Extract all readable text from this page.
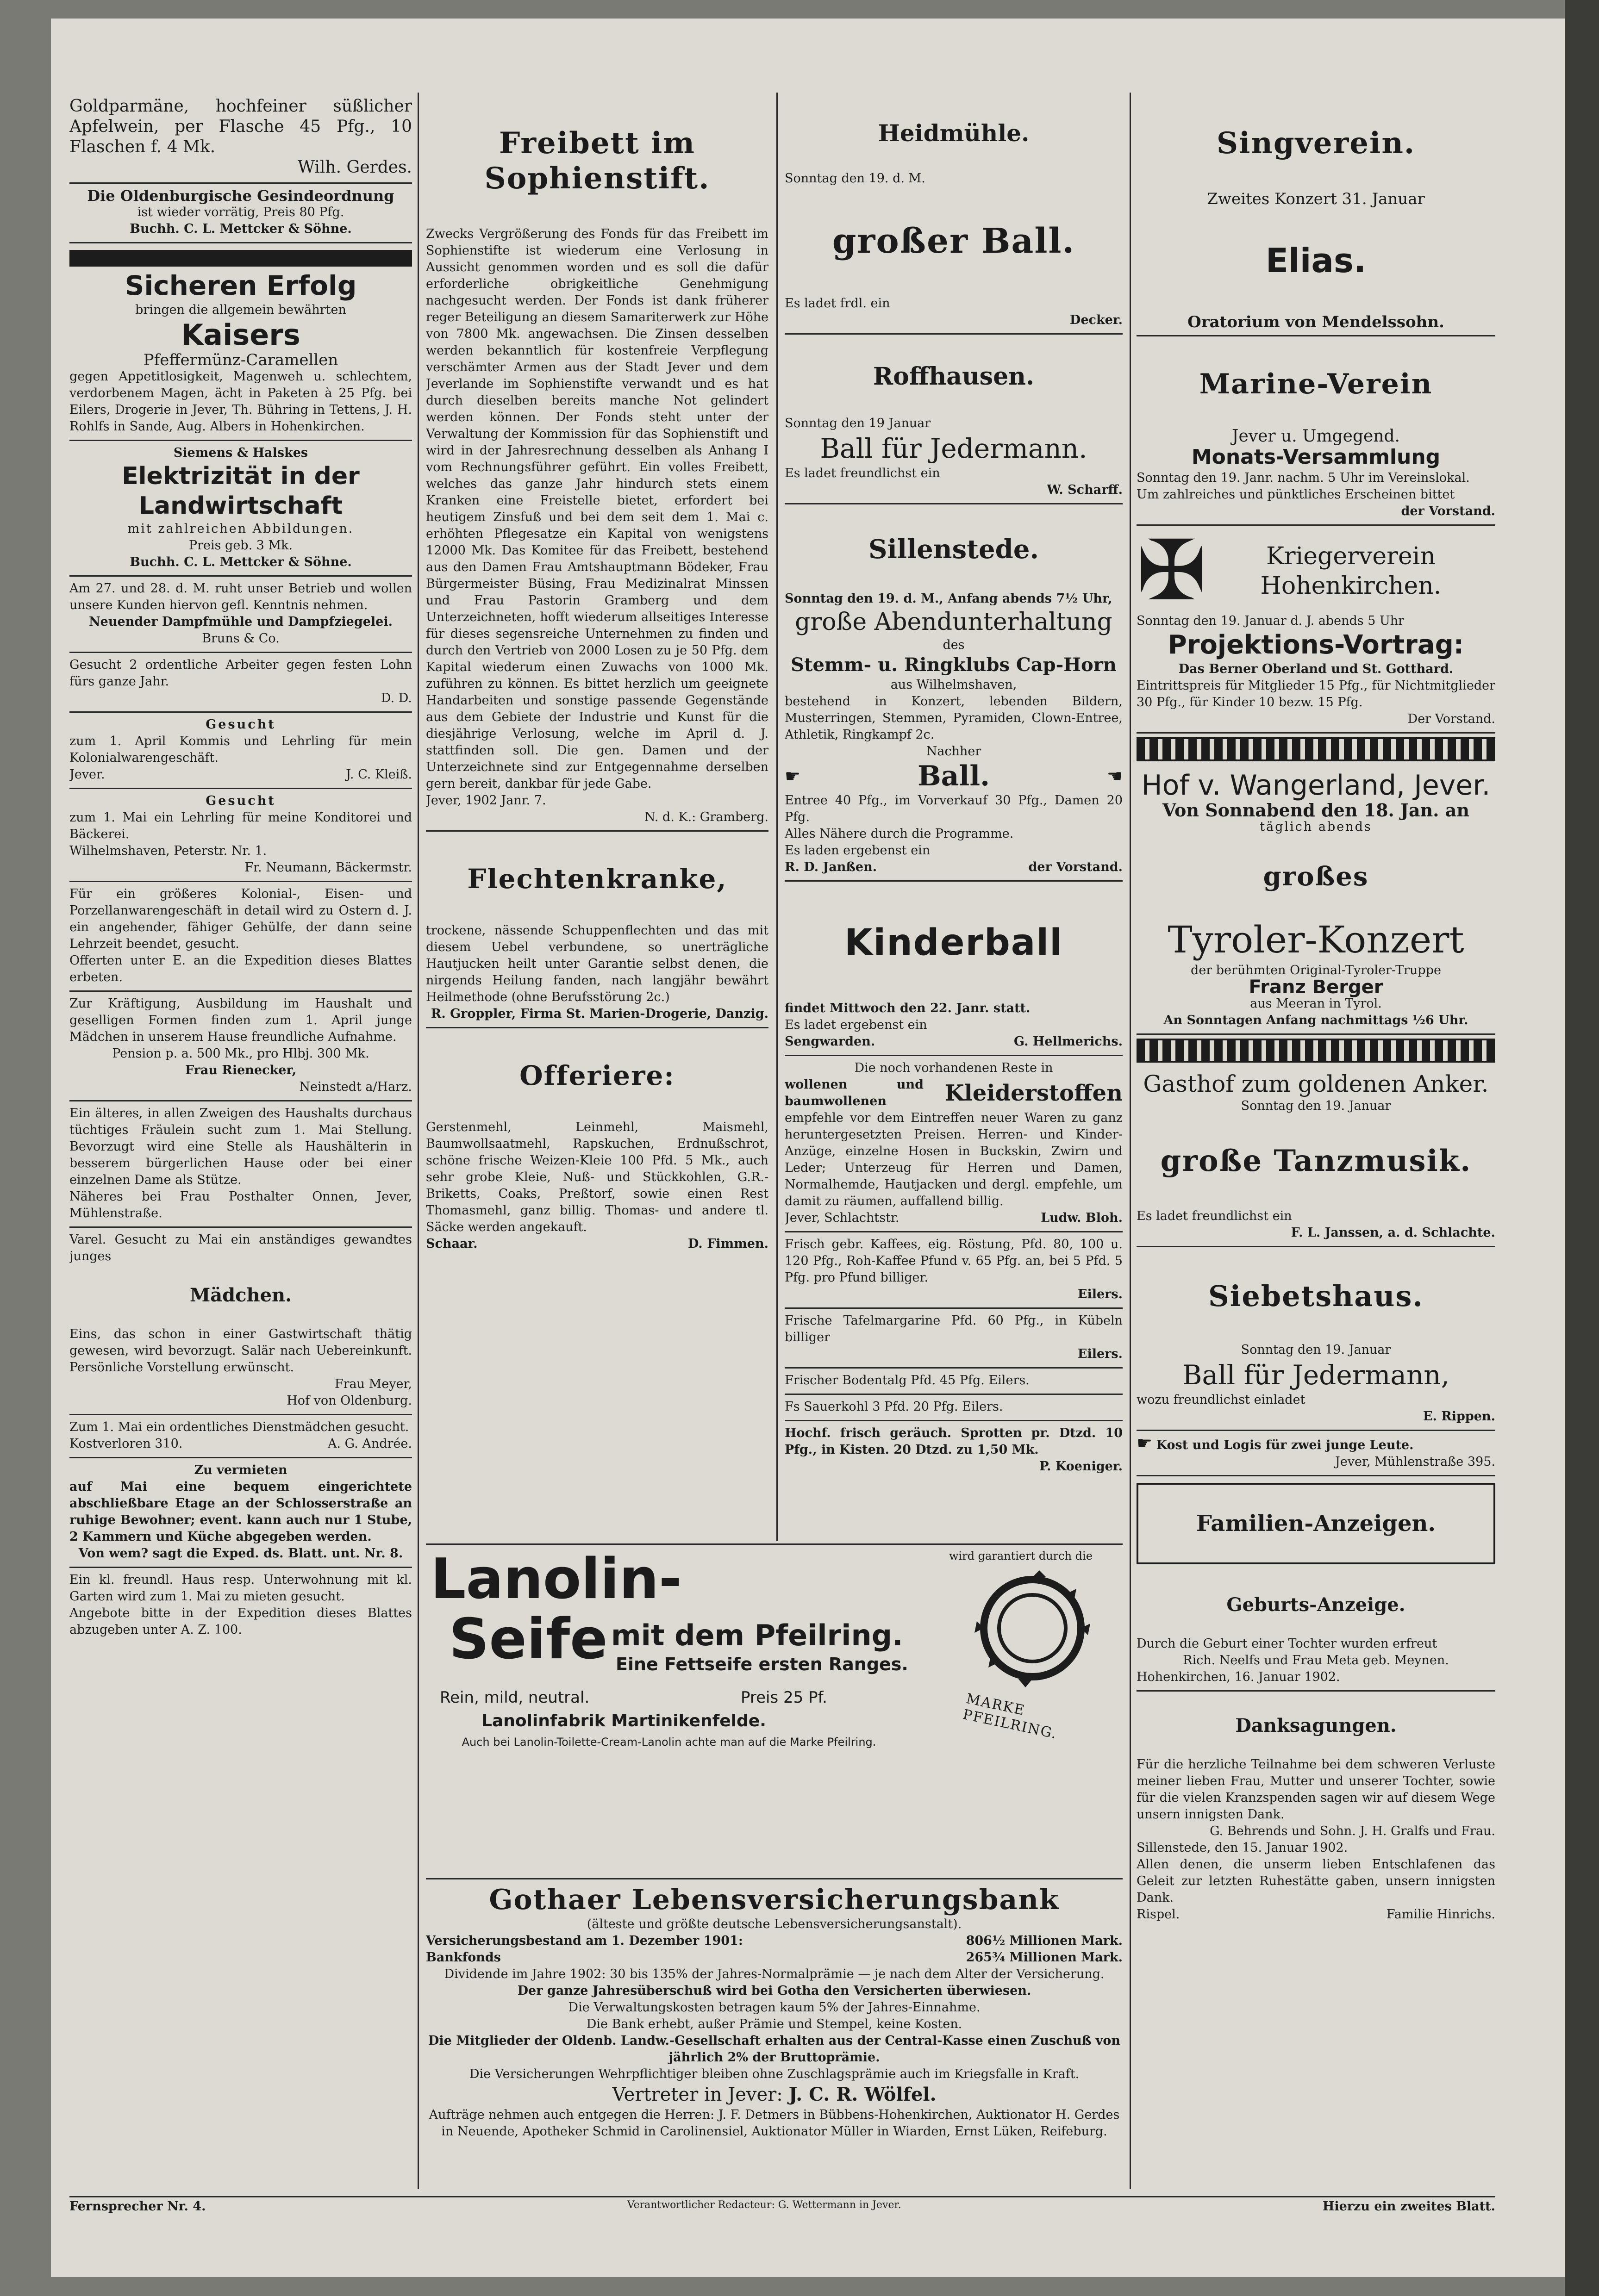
Goldparmäne, hochfeiner süßlicher Apfelwein, per Flasche 45 Pfg., 10 Flaschen f. 4 Mk.

Wilh. Gerdes.

Die Oldenburgische Gesindeordnung

ist wieder vorrätig, Preis 80 Pfg.

Buchh. C. L. Mettcker & Söhne.

Sicheren Erfolg

bringen die allgemein bewährten

Kaisers

Pfeffermünz-Caramellen

gegen Appetitlosigkeit, Magenweh u. schlechtem, verdorbenem Magen, ächt in Paketen à 25 Pfg. bei Eilers, Drogerie in Jever, Th. Bühring in Tettens, J. H. Rohlfs in Sande, Aug. Albers in Hohenkirchen.

Siemens & Halskes

Elektrizität in der Landwirtschaft

mit zahlreichen Abbildungen.

Preis geb. 3 Mk.

Buchh. C. L. Mettcker & Söhne.

Am 27. und 28. d. M. ruht unser Betrieb und wollen unsere Kunden hiervon gefl. Kenntnis nehmen.

Neuender Dampfmühle und Dampfziegelei.

Bruns & Co.

Gesucht 2 ordentliche Arbeiter gegen festen Lohn fürs ganze Jahr.

D. D.

Gesucht

zum 1. April Kommis und Lehrling für mein Kolonialwarengeschäft.

Jever.	J. C. Kleiß.

Gesucht

zum 1. Mai ein Lehrling für meine Konditorei und Bäckerei.

Wilhelmshaven, Peterstr. Nr. 1.

Fr. Neumann, Bäckermstr.

Für ein größeres Kolonial-, Eisen- und Porzellanwarengeschäft in detail wird zu Ostern d. J. ein angehender, fähiger Gehülfe, der dann seine Lehrzeit beendet, gesucht.

Offerten unter E. an die Expedition dieses Blattes erbeten.

Zur Kräftigung, Ausbildung im Haushalt und geselligen Formen finden zum 1. April junge Mädchen in unserem Hause freundliche Aufnahme.

Pension p. a. 500 Mk., pro Hlbj. 300 Mk.

Frau Rienecker,

Neinstedt a/Harz.

Ein älteres, in allen Zweigen des Haushalts durchaus tüchtiges Fräulein sucht zum 1. Mai Stellung. Bevorzugt wird eine Stelle als Haushälterin in besserem bürgerlichen Hause oder bei einer einzelnen Dame als Stütze.

Näheres bei Frau Posthalter Onnen, Jever, Mühlenstraße.

Varel. Gesucht zu Mai ein anständiges gewandtes junges

Mädchen.

Eins, das schon in einer Gastwirtschaft thätig gewesen, wird bevorzugt. Salär nach Uebereinkunft. Persönliche Vorstellung erwünscht.

Frau Meyer,

Hof von Oldenburg.

Zum 1. Mai ein ordentliches Dienstmädchen gesucht.

Kostverloren 310.	A. G. Andrée.

Zu vermieten

auf Mai eine bequem eingerichtete abschließbare Etage an der Schlosserstraße an ruhige Bewohner; event. kann auch nur 1 Stube, 2 Kammern und Küche abgegeben werden.

Von wem? sagt die Exped. ds. Blatt. unt. Nr. 8.

Ein kl. freundl. Haus resp. Unterwohnung mit kl. Garten wird zum 1. Mai zu mieten gesucht.

Angebote bitte in der Expedition dieses Blattes abzugeben unter A. Z. 100.

Freibett im Sophienstift.

Zwecks Vergrößerung des Fonds für das Freibett im Sophienstifte ist wiederum eine Verlosung in Aussicht genommen worden und es soll die dafür erforderliche obrigkeitliche Genehmigung nachgesucht werden. Der Fonds ist dank früherer reger Beteiligung an diesem Samariterwerk zur Höhe von 7800 Mk. angewachsen. Die Zinsen desselben werden bekanntlich für kostenfreie Verpflegung verschämter Armen aus der Stadt Jever und dem Jeverlande im Sophienstifte verwandt und es hat durch dieselben bereits manche Not gelindert werden können. Der Fonds steht unter der Verwaltung der Kommission für das Sophienstift und wird in der Jahresrechnung desselben als Anhang I vom Rechnungsführer geführt. Ein volles Freibett, welches das ganze Jahr hindurch stets einem Kranken eine Freistelle bietet, erfordert bei heutigem Zinsfuß und bei dem seit dem 1. Mai c. erhöhten Pflegesatze ein Kapital von wenigstens 12000 Mk. Das Komitee für das Freibett, bestehend aus den Damen Frau Amtshauptmann Bödeker, Frau Bürgermeister Büsing, Frau Medizinalrat Minssen und Frau Pastorin Gramberg und dem Unterzeichneten, hofft wiederum allseitiges Interesse für dieses segensreiche Unternehmen zu finden und durch den Vertrieb von 2000 Losen zu je 50 Pfg. dem Kapital wiederum einen Zuwachs von 1000 Mk. zuführen zu können. Es bittet herzlich um geeignete Handarbeiten und sonstige passende Gegenstände aus dem Gebiete der Industrie und Kunst für die diesjährige Verlosung, welche im April d. J. stattfinden soll. Die gen. Damen und der Unterzeichnete sind zur Entgegennahme derselben gern bereit, dankbar für jede Gabe.

Jever, 1902 Janr. 7.

N. d. K.: Gramberg.

Flechtenkranke,

trockene, nässende Schuppenflechten und das mit diesem Uebel verbundene, so unerträgliche Hautjucken heilt unter Garantie selbst denen, die nirgends Heilung fanden, nach langjähr bewährt Heilmethode (ohne Berufsstörung 2c.)

R. Groppler, Firma St. Marien-Drogerie, Danzig.

Offeriere:

Gerstenmehl, Leinmehl, Maismehl, Baumwollsaatmehl, Rapskuchen, Erdnußschrot, schöne frische Weizen-Kleie 100 Pfd. 5 Mk., auch sehr grobe Kleie, Nuß- und Stückkohlen, G.R.-Briketts, Coaks, Preßtorf, sowie einen Rest Thomasmehl, ganz billig. Thomas- und andere tl. Säcke werden angekauft.

Schaar.	D. Fimmen.

Heidmühle.

Sonntag den 19. d. M.

großer Ball.

Es ladet frdl. ein

Decker.

Roffhausen.

Sonntag den 19 Januar

Ball für Jedermann.

Es ladet freundlichst ein

W. Scharff.

Sillenstede.

Sonntag den 19. d. M., Anfang abends 7½ Uhr,

große Abendunterhaltung

des

Stemm- u. Ringklubs Cap-Horn

aus Wilhelmshaven,

bestehend in Konzert, lebenden Bildern, Musterringen, Stemmen, Pyramiden, Clown-Entree, Athletik, Ringkampf 2c.

Nachher

☛	Ball.	☚

Entree 40 Pfg., im Vorverkauf 30 Pfg., Damen 20 Pfg.

Alles Nähere durch die Programme.

Es laden ergebenst ein

R. D. Janßen.	der Vorstand.

Kinderball

findet Mittwoch den 22. Janr. statt.

Es ladet ergebenst ein

Sengwarden.	G. Hellmerichs.

Die noch vorhandenen Reste in

wollenen und baumwollenen	Kleiderstoffen

empfehle vor dem Eintreffen neuer Waren zu ganz heruntergesetzten Preisen. Herren- und Kinder-Anzüge, einzelne Hosen in Buckskin, Zwirn und Leder; Unterzeug für Herren und Damen, Normalhemde, Hautjacken und dergl. empfehle, um damit zu räumen, auffallend billig.

Jever, Schlachtstr.	Ludw. Bloh.

Frisch gebr. Kaffees, eig. Röstung, Pfd. 80, 100 u. 120 Pfg., Roh-Kaffee Pfund v. 65 Pfg. an, bei 5 Pfd. 5 Pfg. pro Pfund billiger.

Eilers.

Frische Tafelmargarine Pfd. 60 Pfg., in Kübeln billiger

Eilers.

Frischer Bodentalg Pfd. 45 Pfg. Eilers.

Fs Sauerkohl 3 Pfd. 20 Pfg. Eilers.

Hochf. frisch geräuch. Sprotten pr. Dtzd. 10 Pfg., in Kisten. 20 Dtzd. zu 1,50 Mk.

P. Koeniger.

wird garantiert durch die
Lanolin-
Seife mit dem Pfeilring.
Eine Fettseife ersten Ranges.
Rein, mild, neutral.	Preis 25 Pf.
Lanolinfabrik Martinikenfelde.
Auch bei Lanolin-Toilette-Cream-Lanolin achte man auf die Marke Pfeilring.
MARKE PFEILRING.

Gothaer Lebensversicherungsbank

(älteste und größte deutsche Lebensversicherungsanstalt).

Versicherungsbestand am 1. Dezember 1901:	806½ Millionen Mark.
Bankfonds	265¾ Millionen Mark.

Dividende im Jahre 1902: 30 bis 135% der Jahres-Normalprämie — je nach dem Alter der Versicherung.

Der ganze Jahresüberschuß wird bei Gotha den Versicherten überwiesen.

Die Verwaltungskosten betragen kaum 5% der Jahres-Einnahme.

Die Bank erhebt, außer Prämie und Stempel, keine Kosten.

Die Mitglieder der Oldenb. Landw.-Gesellschaft erhalten aus der Central-Kasse einen Zuschuß von jährlich 2% der Bruttoprämie.

Die Versicherungen Wehrpflichtiger bleiben ohne Zuschlagsprämie auch im Kriegsfalle in Kraft.

Vertreter in Jever: J. C. R. Wölfel.

Aufträge nehmen auch entgegen die Herren: J. F. Detmers in Bübbens-Hohenkirchen, Auktionator H. Gerdes in Neuende, Apotheker Schmid in Carolinensiel, Auktionator Müller in Wiarden, Ernst Lüken, Reifeburg.

Singverein.

Zweites Konzert 31. Januar

Elias.

Oratorium von Mendelssohn.

Marine-Verein

Jever u. Umgegend.

Monats-Versammlung

Sonntag den 19. Janr. nachm. 5 Uhr im Vereinslokal.

Um zahlreiches und pünktliches Erscheinen bittet

der Vorstand.

✠	Kriegerverein Hohenkirchen.

Sonntag den 19. Januar d. J. abends 5 Uhr

Projektions-Vortrag:

Das Berner Oberland und St. Gotthard.

Eintrittspreis für Mitglieder 15 Pfg., für Nichtmitglieder 30 Pfg., für Kinder 10 bezw. 15 Pfg.

Der Vorstand.

Hof v. Wangerland, Jever.

Von Sonnabend den 18. Jan. an

täglich abends

großes

Tyroler-Konzert

der berühmten Original-Tyroler-Truppe

Franz Berger

aus Meeran in Tyrol.

An Sonntagen Anfang nachmittags ½6 Uhr.

Gasthof zum goldenen Anker.

Sonntag den 19. Januar

große Tanzmusik.

Es ladet freundlichst ein

F. L. Janssen, a. d. Schlachte.

Siebetshaus.

Sonntag den 19. Januar

Ball für Jedermann,

wozu freundlichst einladet

E. Rippen.

☛ Kost und Logis für zwei junge Leute.

Jever, Mühlenstraße 395.

Familien-Anzeigen.

Geburts-Anzeige.

Durch die Geburt einer Tochter wurden erfreut

Rich. Neelfs und Frau Meta geb. Meynen.

Hohenkirchen, 16. Januar 1902.

Danksagungen.

Für die herzliche Teilnahme bei dem schweren Verluste meiner lieben Frau, Mutter und unserer Tochter, sowie für die vielen Kranzspenden sagen wir auf diesem Wege unsern innigsten Dank.

G. Behrends und Sohn. J. H. Gralfs und Frau.

Sillenstede, den 15. Januar 1902.

Allen denen, die unserm lieben Entschlafenen das Geleit zur letzten Ruhestätte gaben, unsern innigsten Dank.

Rispel.	Familie Hinrichs.
Fernsprecher Nr. 4.	Verantwortlicher Redacteur: G. Wettermann in Jever.	Hierzu ein zweites Blatt.
